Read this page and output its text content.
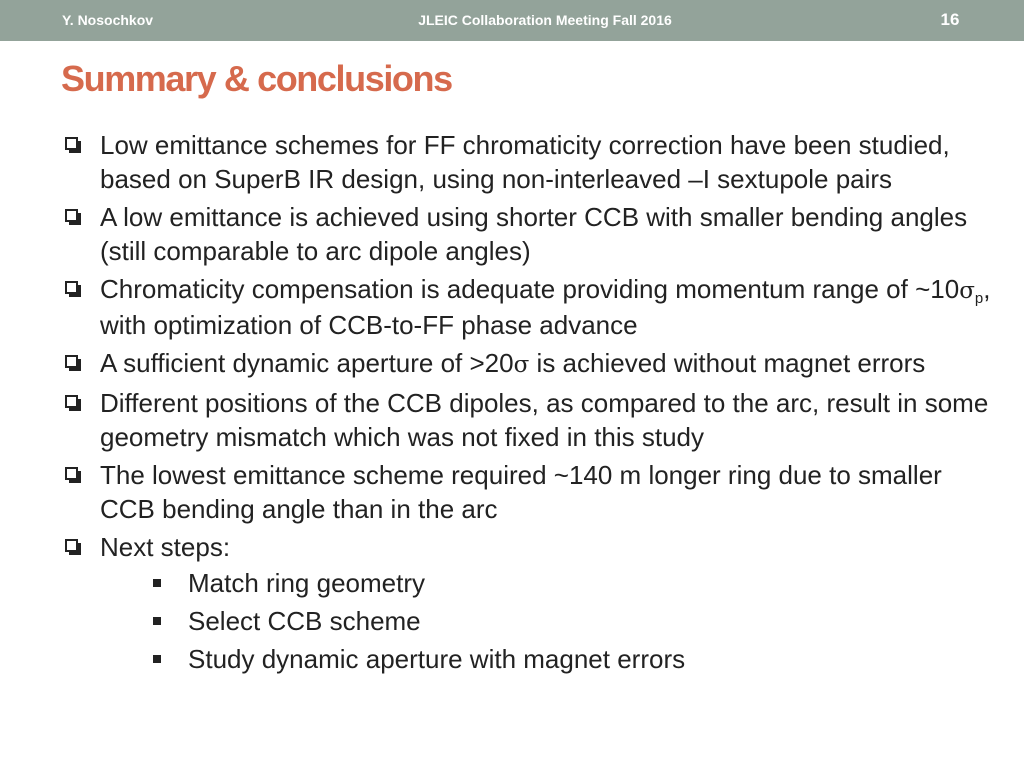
Y. Nosochkov	JLEIC Collaboration Meeting Fall 2016	16
Summary & conclusions
Low emittance schemes for FF chromaticity correction have been studied, based on SuperB IR design, using non-interleaved –I sextupole pairs
A low emittance is achieved using shorter CCB with smaller bending angles (still comparable to arc dipole angles)
Chromaticity compensation is adequate providing momentum range of $\sim 10\sigma_p$, with optimization of CCB-to-FF phase advance
A sufficient dynamic aperture of >20σ is achieved without magnet errors
Different positions of the CCB dipoles, as compared to the arc, result in some geometry mismatch which was not fixed in this study
The lowest emittance scheme required ~140 m longer ring due to smaller CCB bending angle than in the arc
Next steps:
Match ring geometry
Select CCB scheme
Study dynamic aperture with magnet errors
